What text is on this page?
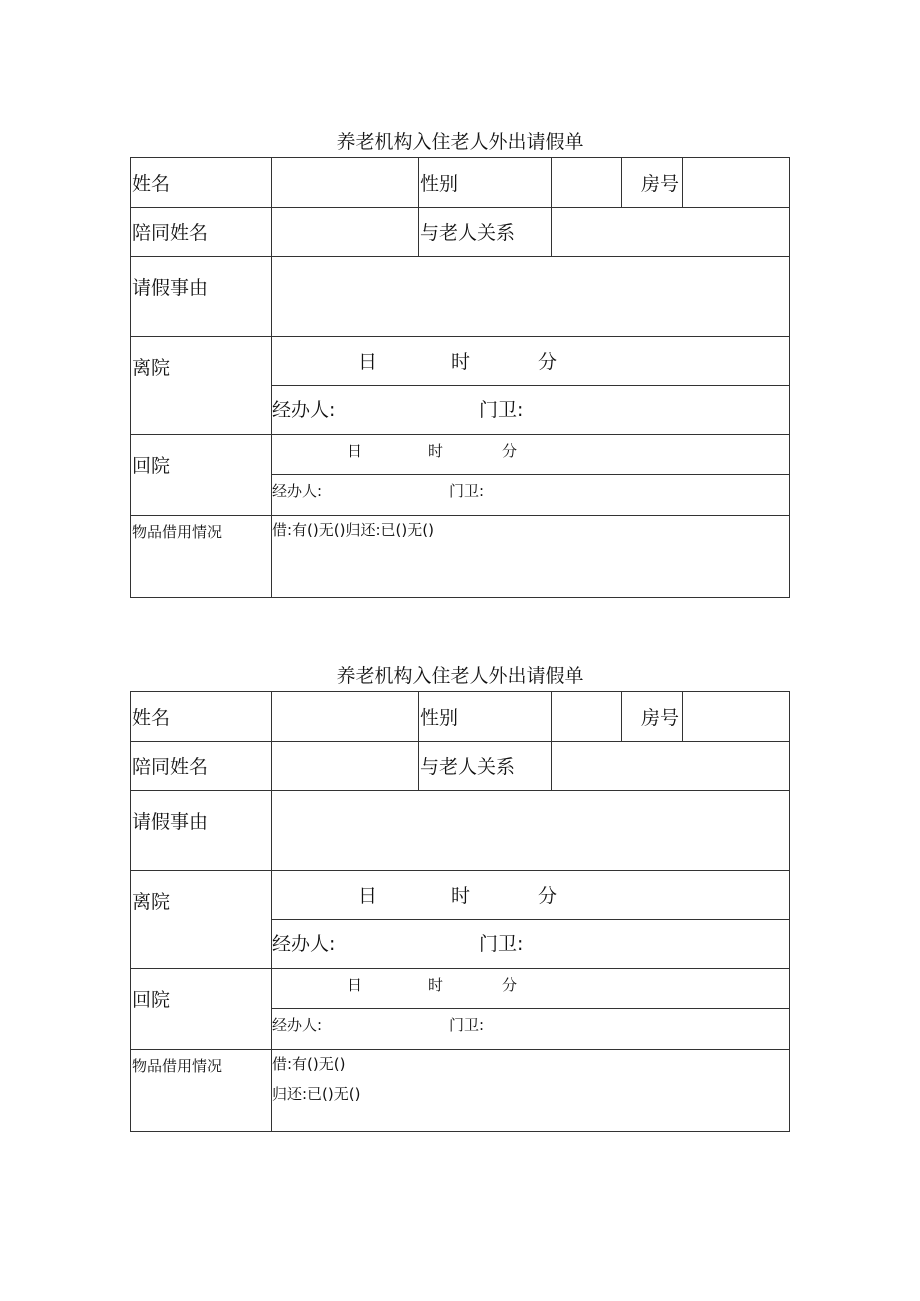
养老机构入住老人外出请假单
姓名	性别	房号
陪同姓名	与老人关系
请假事由
离院	日	时	分
经办人:	门卫:
回院
日	时	分
经办人:	门卫:
物品借用情况	借:有()无()归还:已()无()
养老机构入住老人外出请假单
姓名	性别	房号
陪同姓名	与老人关系
请假事由
离院	日	时	分
经办人:	门卫:
回院
日	时	分
经办人:	门卫:
物品借用情况	借:有()无()
归还:已()无()
